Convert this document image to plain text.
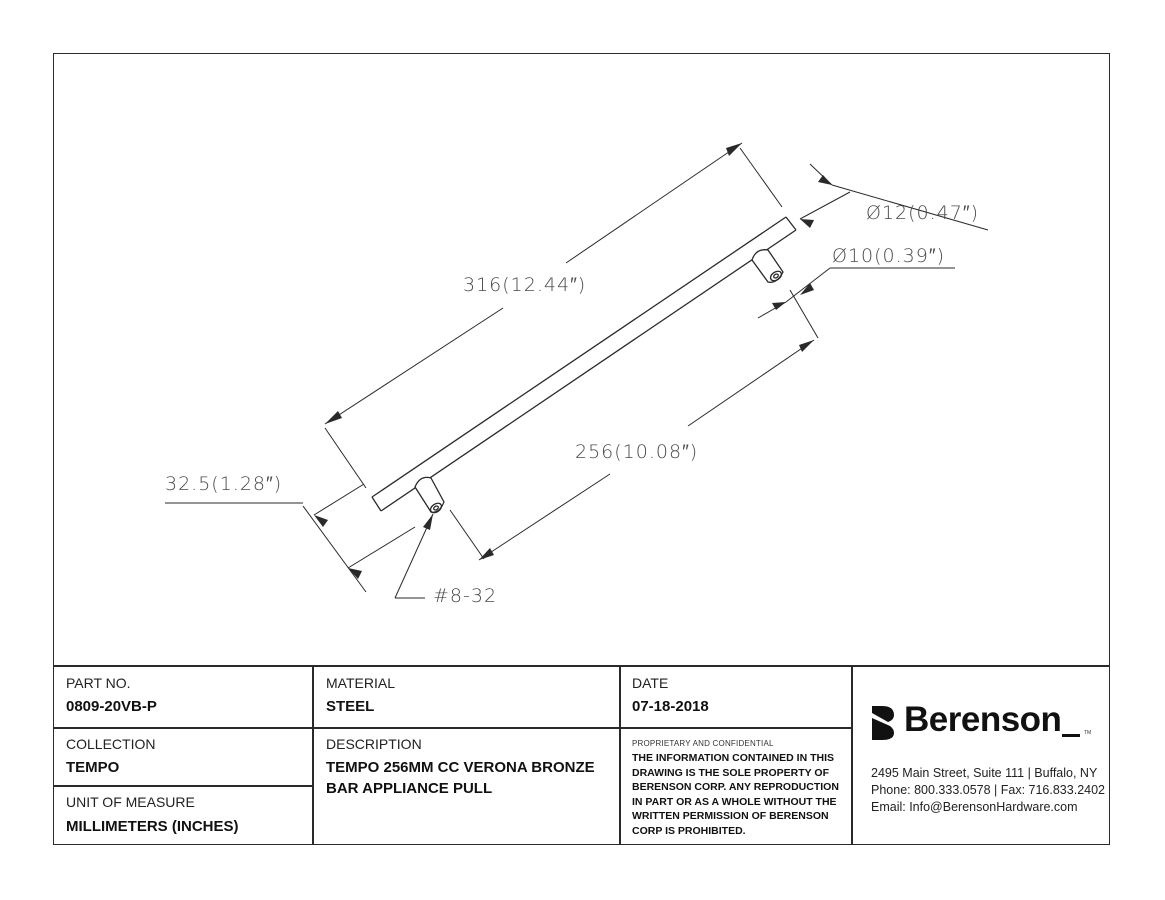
316(12.44″)
Ø12(0.47″)
Ø10(0.39″)
256(10.08″)
32.5(1.28″)
#8-32
PART NO.
0809-20VB-P
MATERIAL
STEEL
DATE
07-18-2018
COLLECTION
TEMPO
UNIT OF MEASURE
MILLIMETERS (INCHES)
DESCRIPTION
TEMPO 256MM CC VERONA BRONZE BAR APPLIANCE PULL
PROPRIETARY AND CONFIDENTIAL
THE INFORMATION CONTAINED IN THIS DRAWING IS THE SOLE PROPERTY OF BERENSON CORP. ANY REPRODUCTION IN PART OR AS A WHOLE WITHOUT THE WRITTEN PERMISSION OF BERENSON CORP IS PROHIBITED.
Berenson	TM
2495 Main Street, Suite 111 | Buffalo, NY
Phone: 800.333.0578 | Fax: 716.833.2402
Email: Info@BerensonHardware.com
